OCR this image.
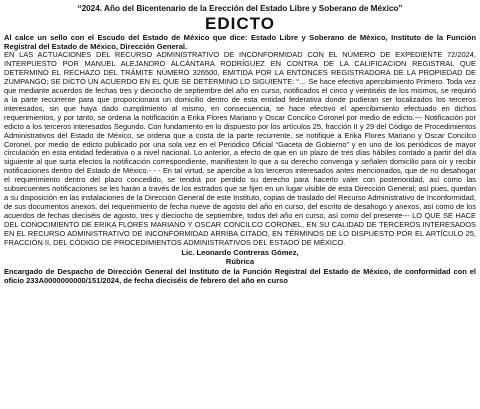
“2024. Año del Bicentenario de la Erección del Estado Libre y Soberano de México”
EDICTO
Al calce un sello con el Escudo del Estado de México que dice: Estado Libre y Soberano de México, Instituto de la Función Registral del Estado de México, Dirección General.

EN LAS ACTUACIONES DEL RECURSO ADMINISTRATIVO DE INCONFORMIDAD CON EL NÚMERO DE EXPEDIENTE 72/2024, INTERPUESTO POR MANUEL ALEJANDRO ALCÁNTARA RODRÍGUEZ EN CONTRA DE LA CALIFICACION REGISTRAL QUE DETERMINÓ EL RECHAZO DEL TRÁMITE NÚMERO 326500, EMITIDA POR LA ENTONCES REGISTRADORA DE LA PROPIEDAD DE ZUMPANGO; SE DICTÓ UN ACUERDO EN EL QUE SE DETERMINO LO SIGUIENTE: “… Se hace efectivo apercibimiento Primero. Toda vez que mediante acuerdos de fechas tres y dieciocho de septiembre del año en curso, notificados el cinco y veintiséis de los mismos, se requirió a la parte recurrente para que proporcionara un domicilio dentro de esta entidad federativa donde pudieran ser localizados los terceros interesados, sin que haya dado cumplimiento al mismo, en consecuencia, se hace efectivo el apercibimiento efectuado en dichos requerimientos, y por tanto, se ordena la notificación a Erika Flores Mariano y Oscar Concilco Coronel por medio de edicto.--- Notificación por edicto a los terceros interesados Segundo. Con fundamento en lo dispuesto por los artículos 25, fracción II y 29 del Código de Procedimientos Administrativos del Estado de México, se ordena que a costa de la parte recurrente, se notifique a Erika Flores Mariano y Oscar Concilco Coronel, por medio de edicto publicado por una sola vez en el Periódico Oficial “Gaceta de Gobierno” y en uno de los periódicos de mayor circulación en esta entidad federativa o a nivel nacional. Lo anterior, a efecto de que en un plazo de tres días hábiles contado a partir del día siguiente al que surta efectos la notificación correspondiente, manifiesten lo que a su derecho convenga y señalen domicilio para oír y recibir notificaciones dentro del Estado de México.- - - En tal virtud, se apercibe a los terceros interesados antes mencionados, que de no desahogar el requerimiento dentro del plazo concedido, se tendrá por perdido su derecho para hacerlo valer con posterioridad, así como las subsecuentes notificaciones se les harán a través de los estrados que se fijen en un lugar visible de esta Dirección General; así pues, quedan a su disposición en las instalaciones de la Dirección General de este Instituto, copias de traslado del Recurso Administrativo de Inconformidad, de sus documentos anexos, del requerimiento de fecha nueve de agosto del año en curso, del escrito de desahogo y anexos, así como de los acuerdos de fechas dieciséis de agosto, tres y dieciocho de septiembre, todos del año en curso, así como del presente--- LO QUE SE HACE DEL CONOCIMIENTO DE ERIKA FLORES MARIANO Y OSCAR CONCILCO CORONEL, EN SU CALIDAD DE TERCEROS INTERESADOS EN EL RECURSO ADMINISTRATIVO DE INCONFORMIDAD ARRIBA CITADO, EN TÉRMINOS DE LO DISPUESTO POR EL ARTÍCULO 25, FRACCIÓN II, DEL CÓDIGO DE PROCEDIMIENTOS ADMINISTRATIVOS DEL ESTADO DE MÉXICO.

Lic. Leonardo Contreras Gómez,
Rúbrica
Encargado de Despacho de Dirección General del Instituto de la Función Registral del Estado de México, de conformidad con el oficio 233A0000000000/151/2024, de fecha dieciséis de febrero del año en curso
